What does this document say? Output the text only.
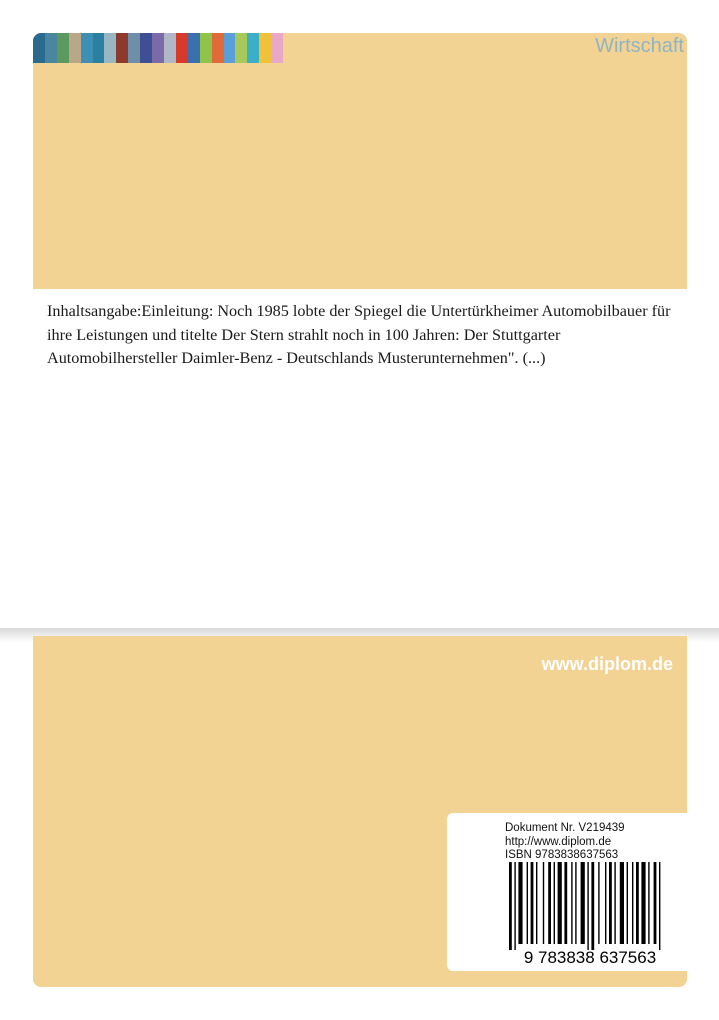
Wirtschaft

Inhaltsangabe:Einleitung: Noch 1985 lobte der Spiegel die Untertürkheimer Automobilbauer für ihre Leistungen und titelte Der Stern strahlt noch in 100 Jahren: Der Stuttgarter Automobilhersteller Daimler-Benz - Deutschlands Musterunternehmen". (...)

www.diplom.de
Dokument Nr. V219439
http://www.diplom.de
ISBN 9783838637563
9 783838 637563
